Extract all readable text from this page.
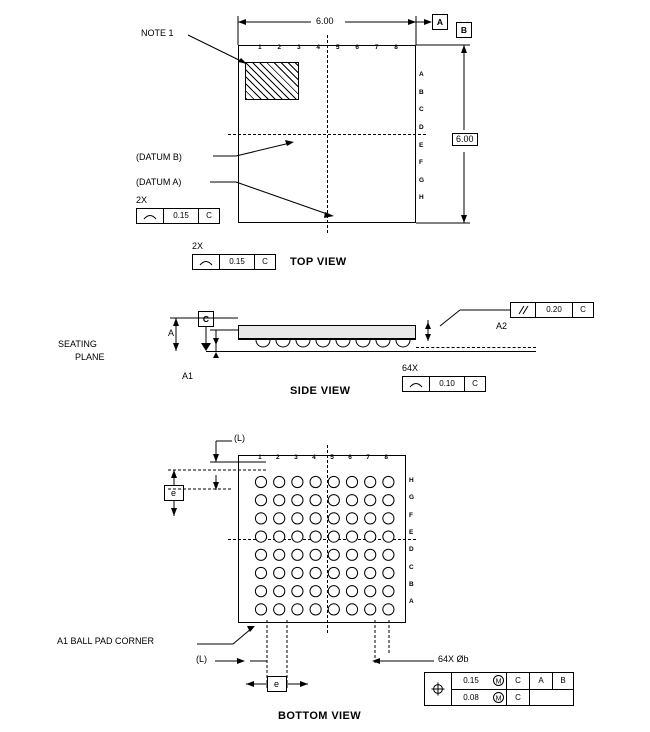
6.00	A
B
6.00
1 2 3 4 5 6 7 8
A
B
C
D
E
F
G
H
NOTE 1
(DATUM B)
(DATUM A)
2X
0.15	C
2X
0.15	C	TOP VIEW
C
SEATING
PLANE
A
A1
A2
0.20	C
64X
0.10	C
SIDE VIEW
1 2 3 4 5 6 7 8
H
G
F
E
D
C
B
A
(L)
e
e
(L)
A1 BALL PAD CORNER
64X Øb
0.15	M	C	A	B
0.08	M	C
BOTTOM VIEW
